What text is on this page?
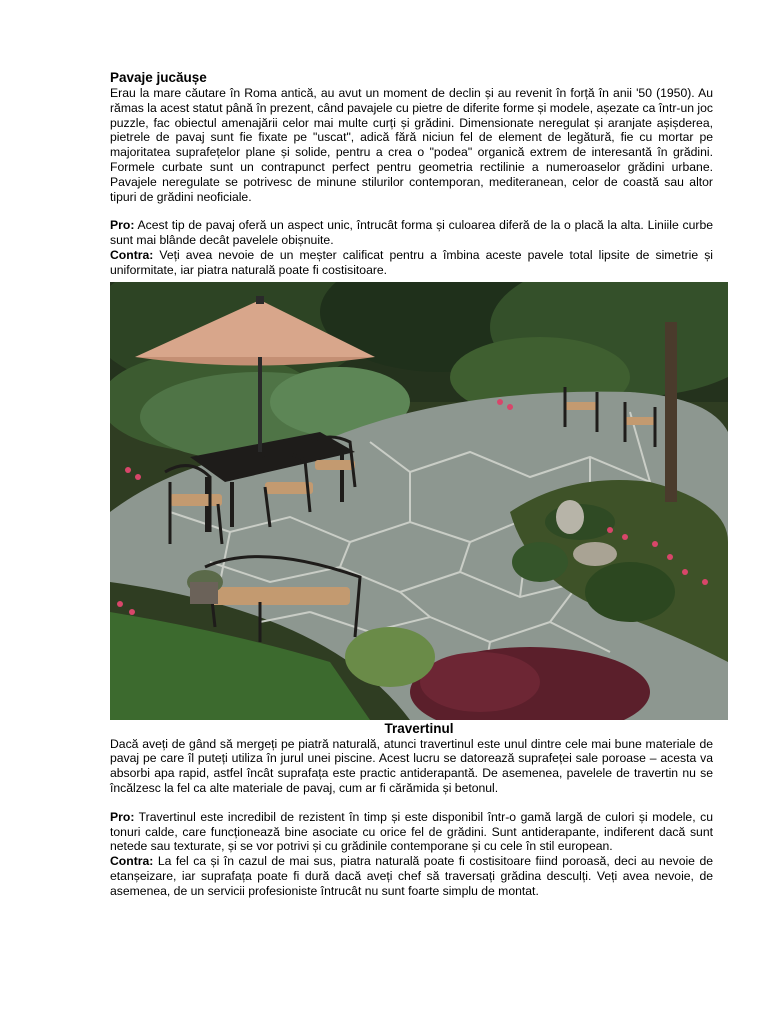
Pavaje jucăușe

Erau la mare căutare în Roma antică, au avut un moment de declin și au revenit în forță în anii '50 (1950). Au rămas la acest statut până în prezent, când pavajele cu pietre de diferite forme și modele, așezate ca într-un joc puzzle, fac obiectul amenajării celor mai multe curți și grădini. Dimensionate neregulat și aranjate așișderea, pietrele de pavaj sunt fie fixate pe "uscat", adică fără niciun fel de element de legătură, fie cu mortar pe majoritatea suprafețelor plane și solide, pentru a crea o "podea" organică extrem de interesantă în grădini. Formele curbate sunt un contrapunct perfect pentru geometria rectilinie a numeroaselor grădini urbane. Pavajele neregulate se potrivesc de minune stilurilor contemporan, mediteranean, celor de coastă sau altor tipuri de grădini neoficiale.

Pro: Acest tip de pavaj oferă un aspect unic, întrucât forma și culoarea diferă de la o placă la alta. Liniile curbe sunt mai blânde decât pavelele obișnuite.

Contra: Veți avea nevoie de un meșter calificat pentru a îmbina aceste pavele total lipsite de simetrie și uniformitate, iar piatra naturală poate fi costisitoare.

Travertinul

Dacă aveți de gând să mergeți pe piatră naturală, atunci travertinul este unul dintre cele mai bune materiale de pavaj pe care îl puteți utiliza în jurul unei piscine. Acest lucru se datorează suprafeței sale poroase – acesta va absorbi apa rapid, astfel încât suprafața este practic antiderapantă. De asemenea, pavelele de travertin nu se încălzesc la fel ca alte materiale de pavaj, cum ar fi cărămida și betonul.

Pro: Travertinul este incredibil de rezistent în timp și este disponibil într-o gamă largă de culori și modele, cu tonuri calde, care funcționează bine asociate cu orice fel de grădini. Sunt antiderapante, indiferent dacă sunt netede sau texturate, și se vor potrivi și cu grădinile contemporane și cu cele în stil european.

Contra: La fel ca și în cazul de mai sus, piatra naturală poate fi costisitoare fiind poroasă, deci au nevoie de etanșeizare, iar suprafața poate fi dură dacă aveți chef să traversați grădina desculți. Veți avea nevoie, de asemenea, de un servicii profesioniste întrucât nu sunt foarte simplu de montat.
